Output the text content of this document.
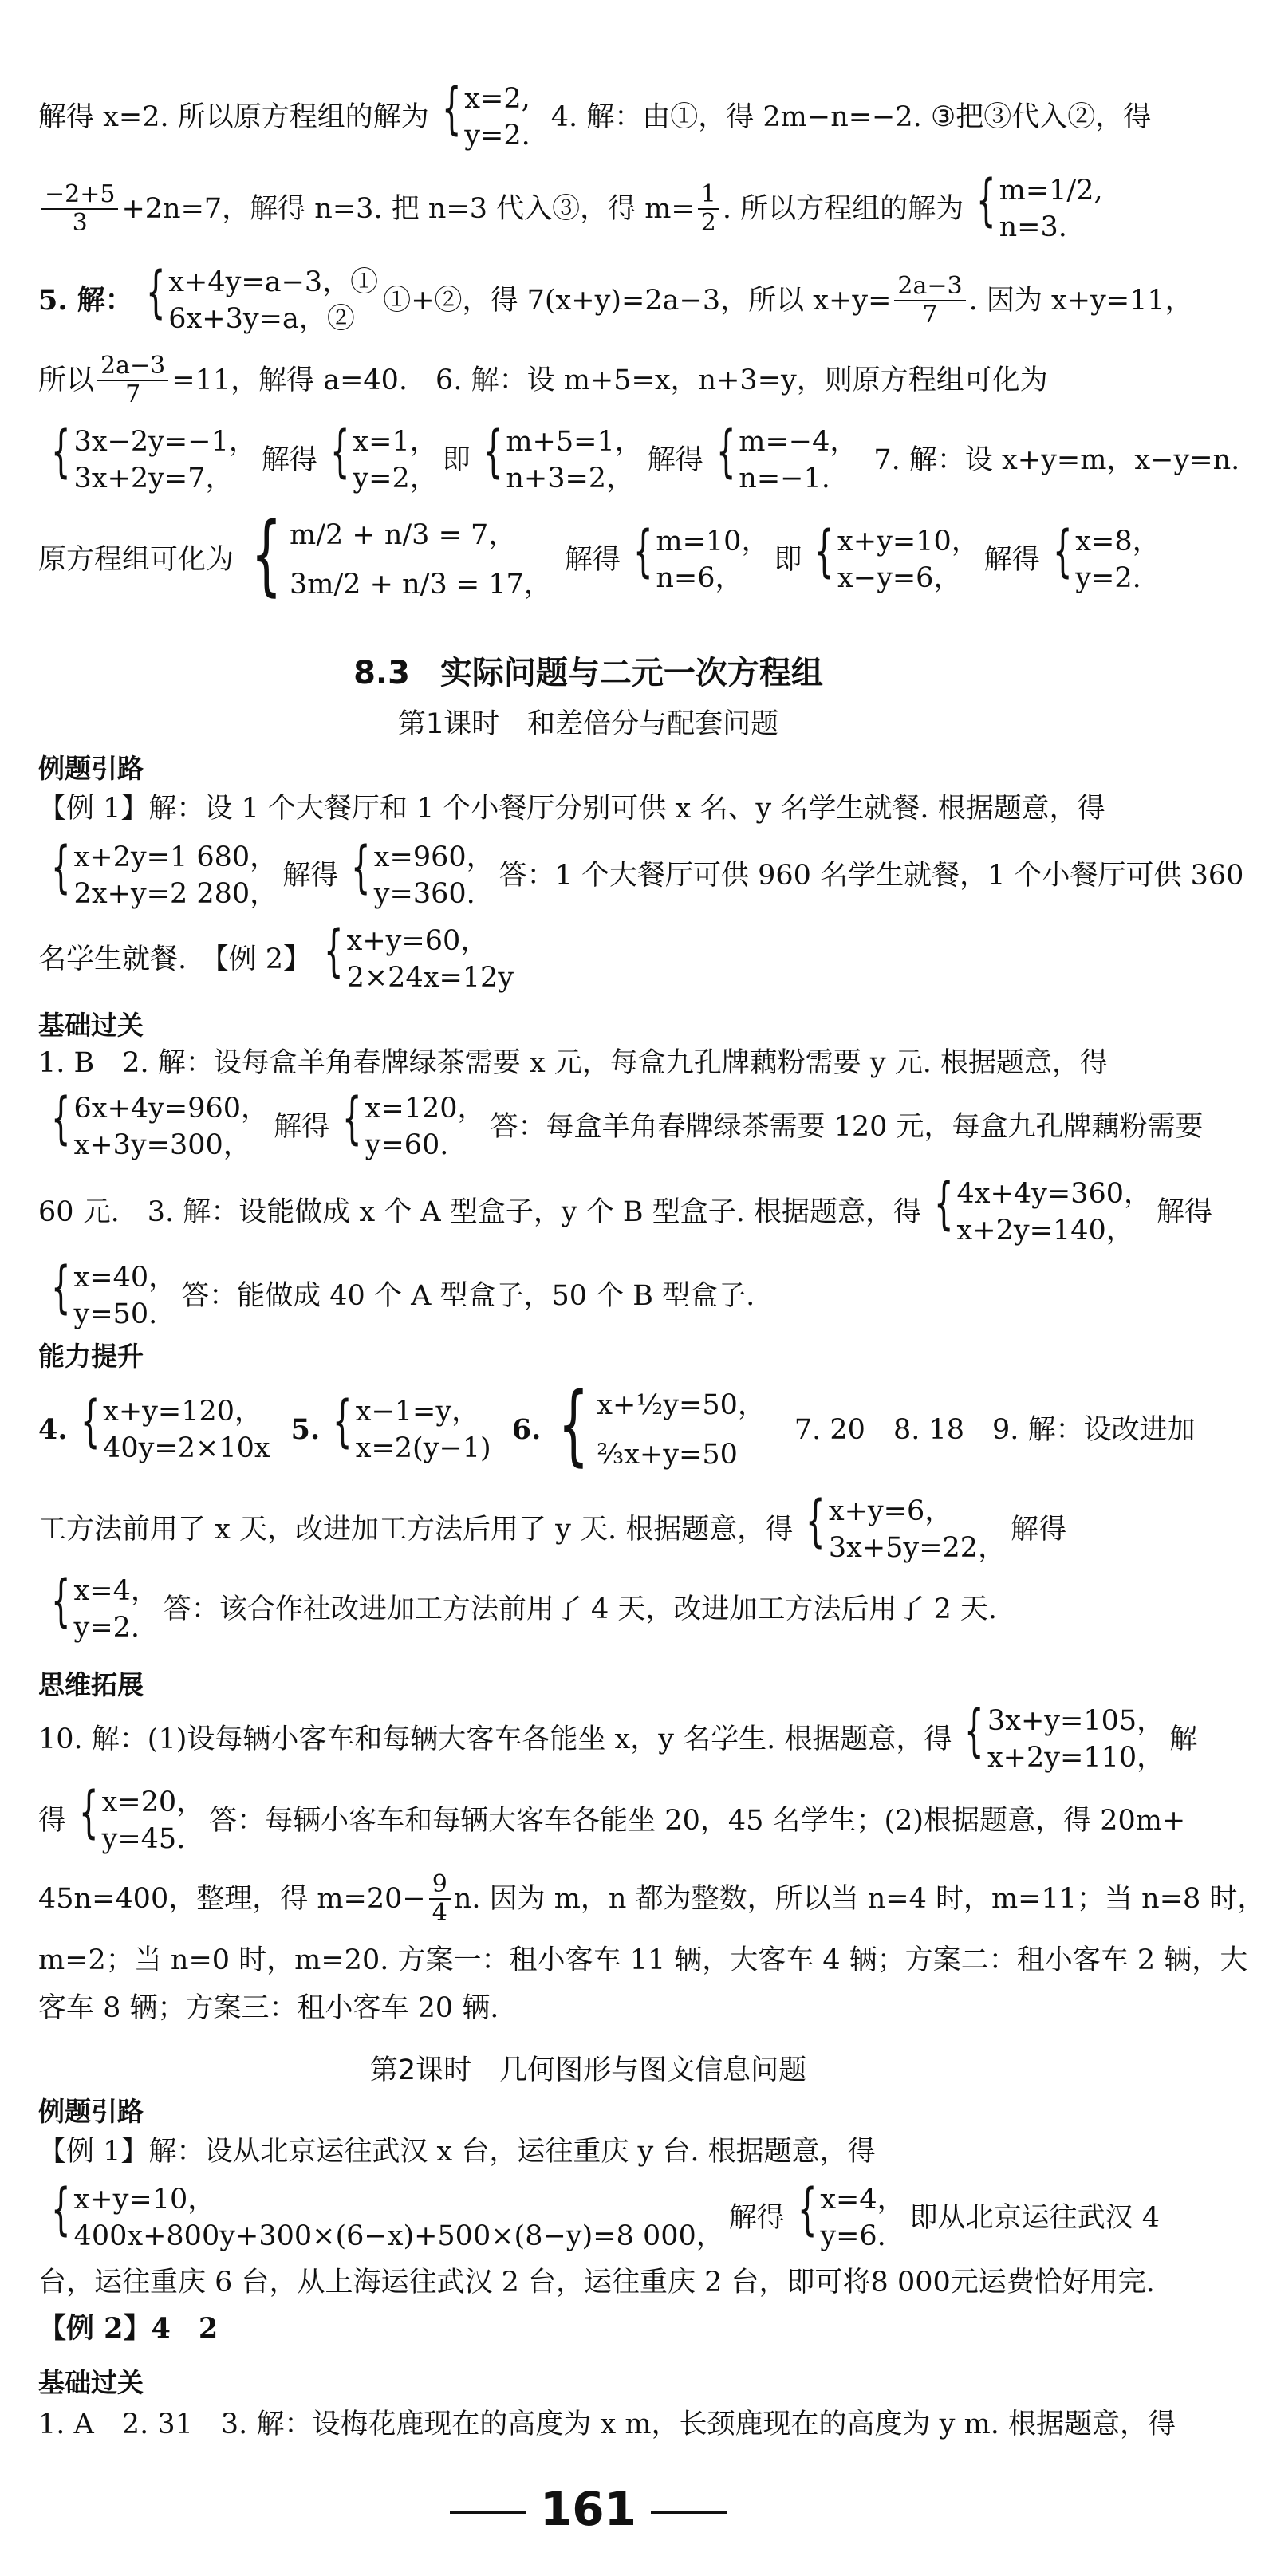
解得 x=2. 所以原方程组的解为 { x=2,
y=2.
4. 解：由①，得 2m−n=−2. ③把③代入②，得
$\frac{-2+5}{3} +2n=7$，解得 n=3. 把 n=3 代入③，得 $m= \frac{1}{2}$ . 所以方程组的解为 { m=1/2,
n=3.
5. 解： { x+4y=a−3，①
6x+3y=a，②
①+②，得 7(x+y)=2a−3，所以 $x+y= \frac{2a-3}{7}$ . 因为 x+y=11，
所以 $\frac{2a-3}{7} =11$，解得 a=40.　6. 解：设 m+5=x，n+3=y，则原方程组可化为
{ 3x−2y=−1，
3x+2y=7，
解得 { x=1，
y=2，
即 { m+5=1，
n+3=2，
解得 { m=−4，
n=−1.
7. 解：设 x+y=m，x−y=n.
原方程组可化为 { m/2 + n/3 = 7，
3m/2 + n/3 = 17，
解得 { m=10，
n=6，
即 { x+y=10，
x−y=6，
解得 { x=8，
y=2.
8.3 实际问题与二元一次方程组
第1课时　和差倍分与配套问题
例题引路
【例 1】解：设 1 个大餐厅和 1 个小餐厅分别可供 x 名、y 名学生就餐. 根据题意，得
{ x+2y=1 680，
2x+y=2 280，
解得 { x=960，
y=360.
答：1 个大餐厅可供 960 名学生就餐，1 个小餐厅可供 360
名学生就餐.　【例 2】 { x+y=60，
2×24x=12y
基础过关
1. B　2. 解：设每盒羊角春牌绿茶需要 x 元，每盒九孔牌藕粉需要 y 元. 根据题意，得
{ 6x+4y=960，
x+3y=300，
解得 { x=120，
y=60.
答：每盒羊角春牌绿茶需要 120 元，每盒九孔牌藕粉需要
60 元.　3. 解：设能做成 x 个 A 型盒子，y 个 B 型盒子. 根据题意，得 { 4x+4y=360，
x+2y=140，
解得
{ x=40，
y=50.
答：能做成 40 个 A 型盒子，50 个 B 型盒子.
能力提升
4. { x+y=120，
40y=2×10x
5. { x−1=y，
x=2(y−1)
6. { x+½y=50，
⅔x+y=50
7. 20　8. 18　9. 解：设改进加
工方法前用了 x 天，改进加工方法后用了 y 天. 根据题意，得 { x+y=6，
3x+5y=22，
解得
{ x=4，
y=2.
答：该合作社改进加工方法前用了 4 天，改进加工方法后用了 2 天.
思维拓展
10. 解：(1)设每辆小客车和每辆大客车各能坐 x，y 名学生. 根据题意，得 { 3x+y=105，
x+2y=110，
解
得 { x=20，
y=45.
答：每辆小客车和每辆大客车各能坐 20，45 名学生；(2)根据题意，得 20m+
45n=400，整理，得 $m=20- \frac{9}{4} n$. 因为 m，n 都为整数，所以当 n=4 时，m=11；当 n=8 时，
m=2；当 n=0 时，m=20. 方案一：租小客车 11 辆，大客车 4 辆；方案二：租小客车 2 辆，大
客车 8 辆；方案三：租小客车 20 辆.
第2课时　几何图形与图文信息问题
例题引路
【例 1】解：设从北京运往武汉 x 台，运往重庆 y 台. 根据题意，得
{ x+y=10，
400x+800y+300×(6−x)+500×(8−y)=8 000，
解得 { x=4，
y=6.
即从北京运往武汉 4
台，运往重庆 6 台，从上海运往武汉 2 台，运往重庆 2 台，即可将8 000元运费恰好用完.
【例 2】4　2
基础过关
1. A　2. 31　3. 解：设梅花鹿现在的高度为 x m，长颈鹿现在的高度为 y m. 根据题意，得
161
